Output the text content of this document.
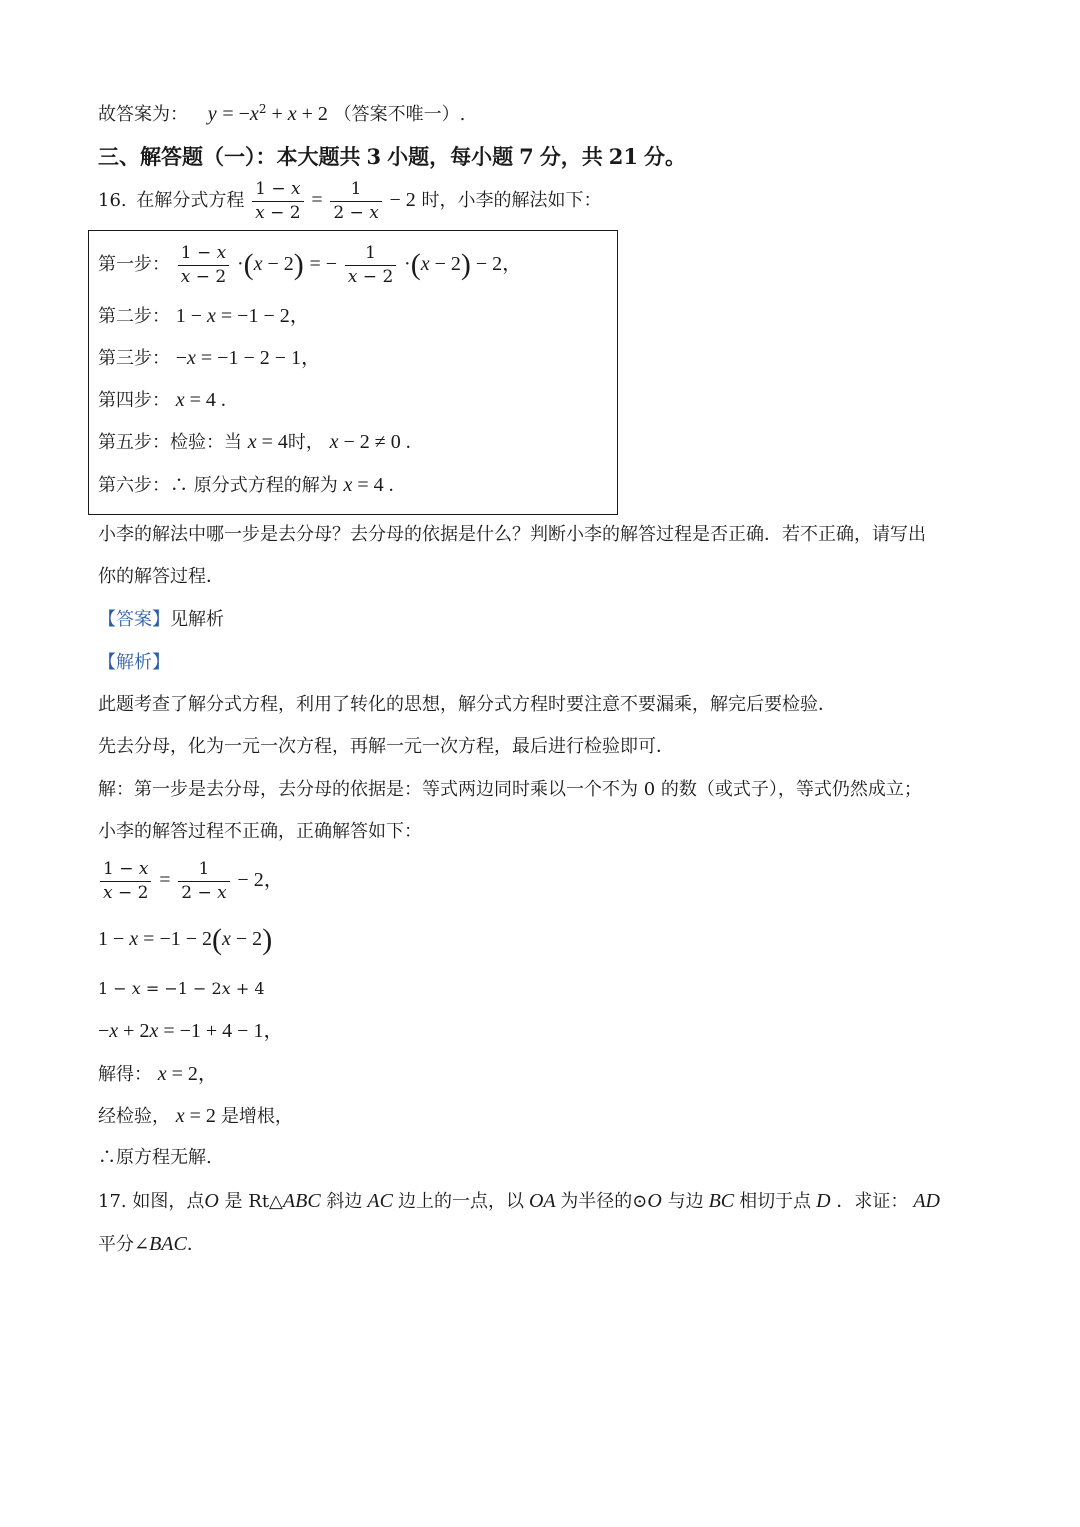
故答案为： $y = -x^2 + x + 2$ （答案不唯一）.
三、解答题（一）：本大题共 3 小题，每小题 7 分，共 21 分。
16. 在解分式方程 $\frac{1 - x}{x - 2} = \frac{1}{2 - x} - 2$ 时，小李的解法如下：
第一步： $\frac{1 - x}{x - 2} \cdot(x - 2)$ = − $\frac{1}{x - 2} \cdot(x - 2) - 2$，
第二步： 1 − x = −1 − 2，
第三步： −x = −1 − 2 − 1，
第四步： x = 4 .
第五步：检验：当 x = 4时， x − 2 ≠ 0 .
第六步：∴ 原分式方程的解为 x = 4 .
小李的解法中哪一步是去分母？去分母的依据是什么？判断小李的解答过程是否正确．若不正确，请写出
你的解答过程．
【答案】见解析
【解析】
此题考查了解分式方程，利用了转化的思想，解分式方程时要注意不要漏乘，解完后要检验．
先去分母，化为一元一次方程，再解一元一次方程，最后进行检验即可．
解：第一步是去分母，去分母的依据是：等式两边同时乘以一个不为 0 的数（或式子），等式仍然成立；
小李的解答过程不正确，正确解答如下：
$\frac{1 - x}{x - 2} = \frac{1}{2 - x} - 2$，
1 − x = −1 − 2(x − 2)
1 − x = −1 − 2x + 4
−x + 2x = −1 + 4 − 1，
解得： x = 2，
经检验， x = 2 是增根，
∴原方程无解.
17. 如图，点O 是 Rt△ABC 斜边 AC 边上的一点，以 OA 为半径的⊙O 与边 BC 相切于点 D ．求证： AD
平分∠BAC．
